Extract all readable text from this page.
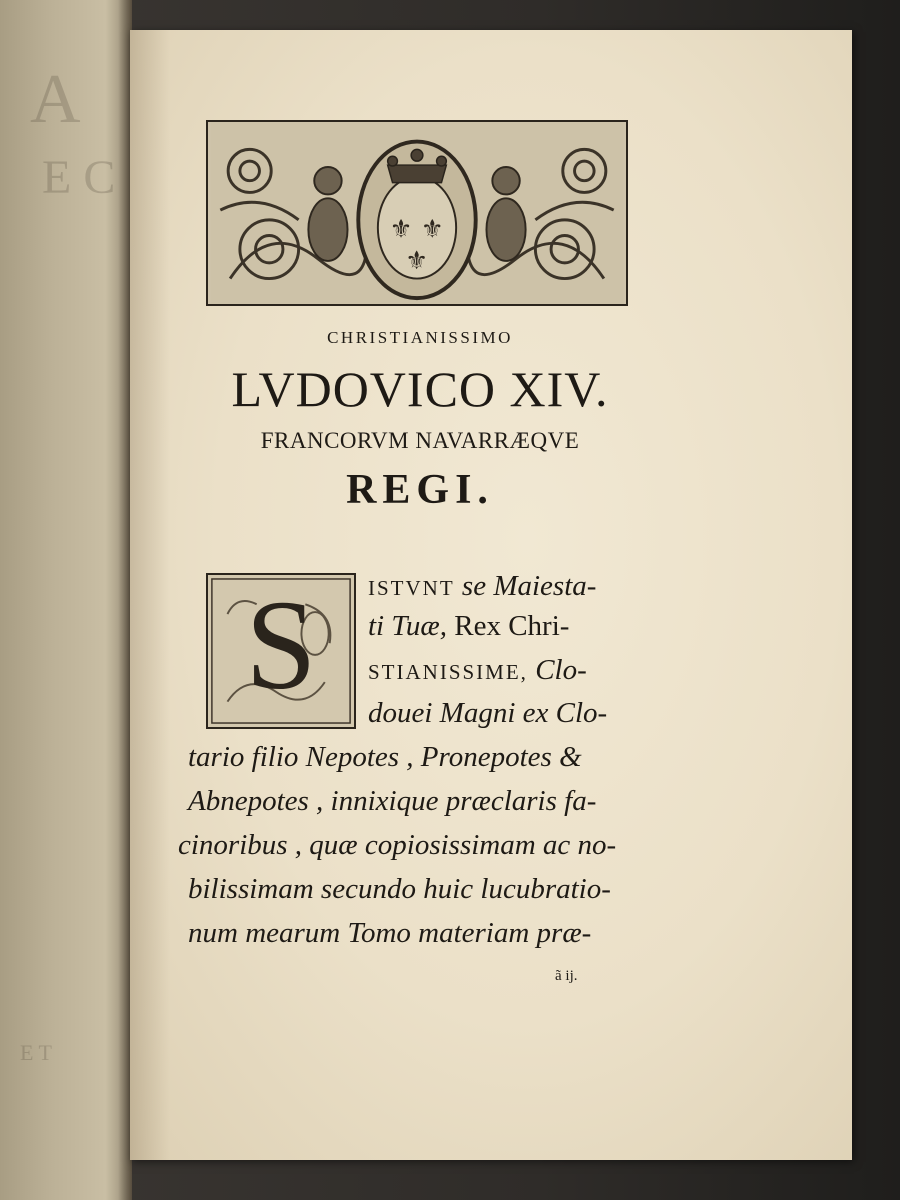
A
E C
E T
⚜ ⚜
⚜
CHRISTIANISSIMO
LVDOVICO XIV.
FRANCORVM NAVARRÆQVE
REGI.
S	ISTVNT se Maiesta-
ti Tuæ, Rex Chri-
STIANISSIME, Clo-
douei Magni ex Clo-
tario filio Nepotes , Pronepotes &
Abnepotes , innixique præclaris fa-
cinoribus , quæ copiosissimam ac no-
bilissimam secundo huic lucubratio-
num mearum Tomo materiam præ-
ã ij.
